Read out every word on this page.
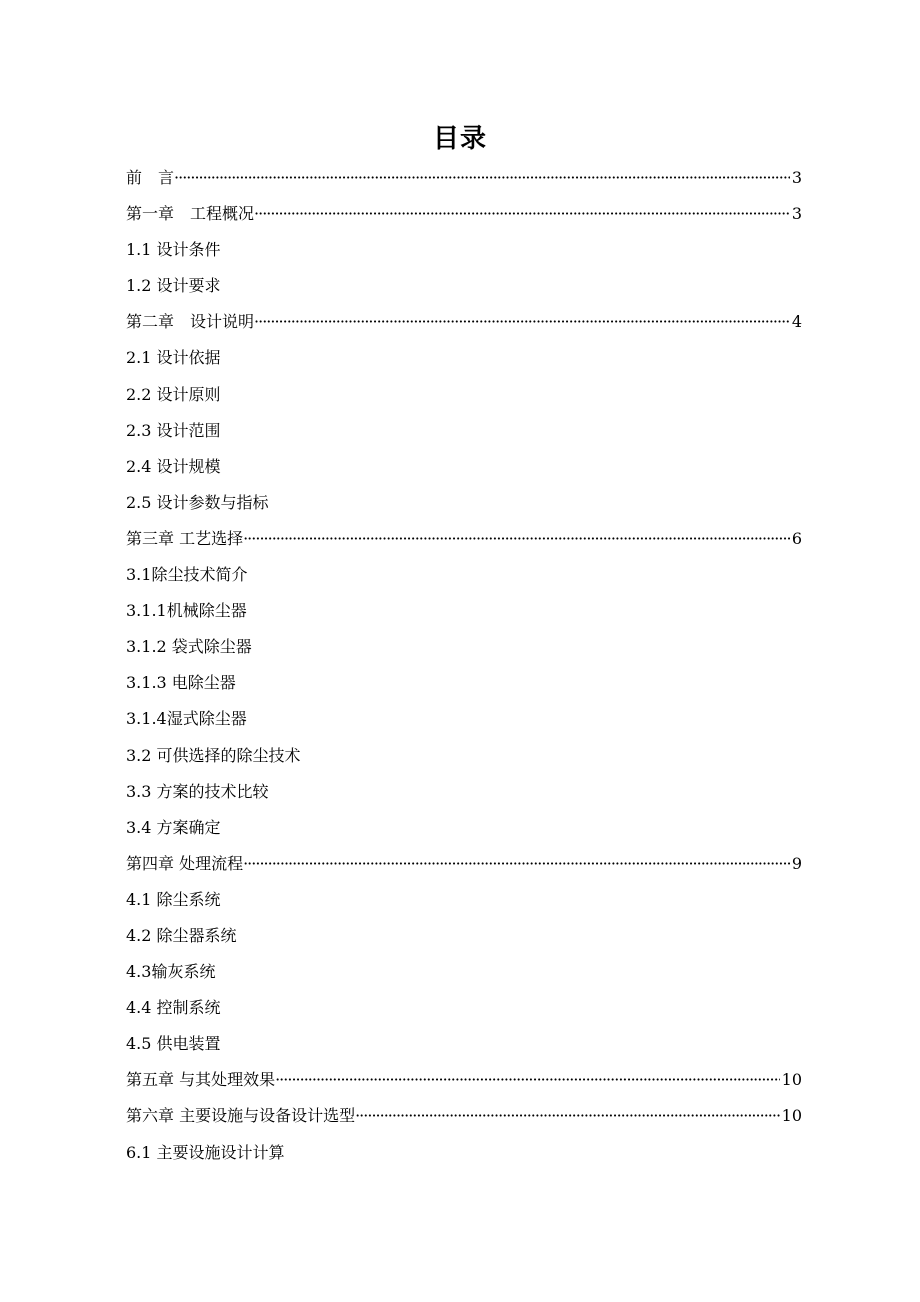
目录
前　言 ·····	3
第一章　工程概况 ·····	3
1.1 设计条件
1.2 设计要求
第二章　设计说明 ·····	4
2.1 设计依据
2.2 设计原则
2.3 设计范围
2.4 设计规模
2.5 设计参数与指标
第三章 工艺选择 ·····	6
3.1除尘技术简介
3.1.1机械除尘器
3.1.2 袋式除尘器
3.1.3 电除尘器
3.1.4湿式除尘器
3.2 可供选择的除尘技术
3.3 方案的技术比较
3.4 方案确定
第四章 处理流程 ·····	9
4.1 除尘系统
4.2 除尘器系统
4.3输灰系统
4.4 控制系统
4.5 供电装置
第五章 与其处理效果 ·····	10
第六章 主要设施与设备设计选型 ·····	10
6.1 主要设施设计计算
